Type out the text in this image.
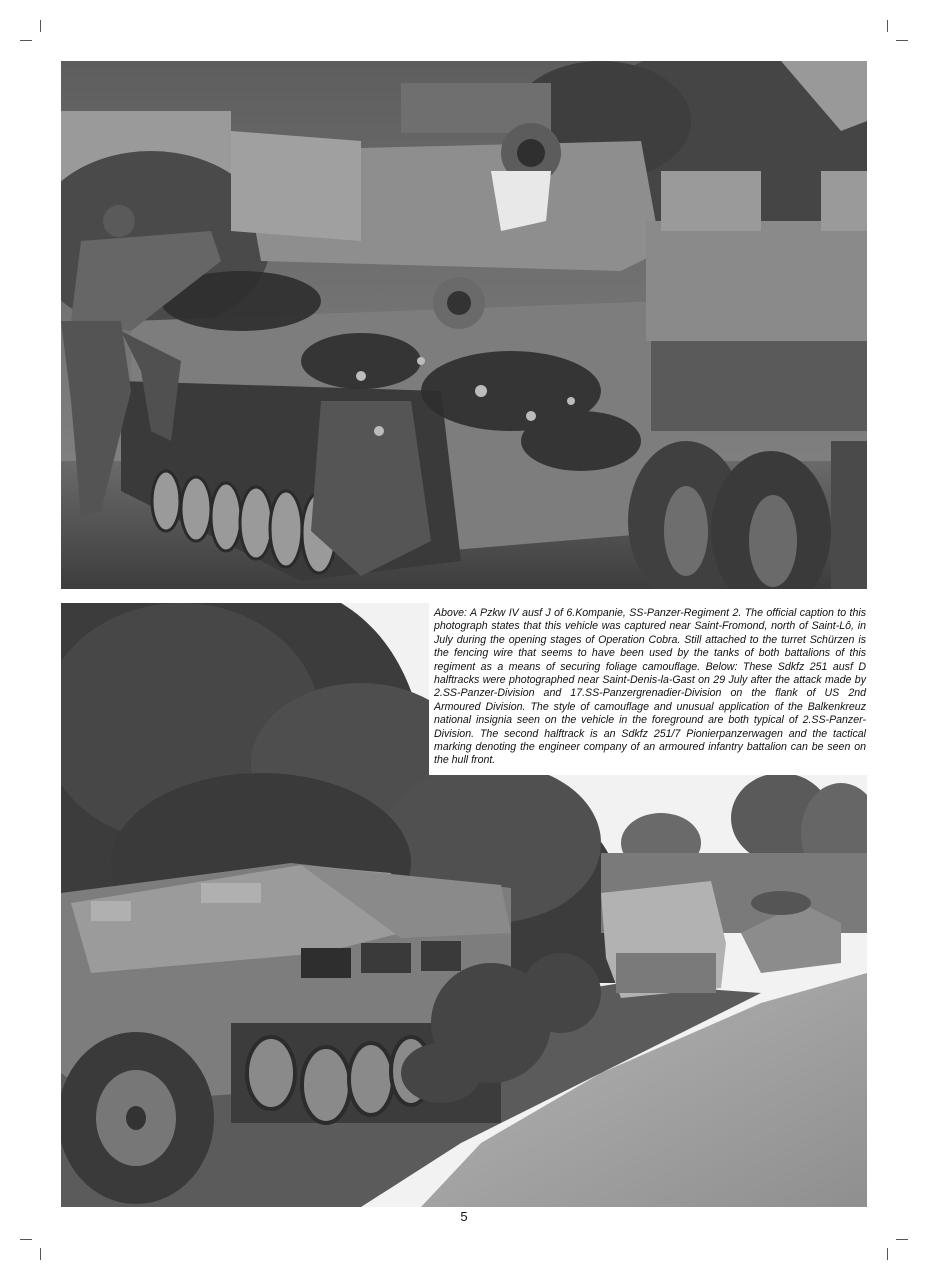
Above: A Pzkw IV ausf J of 6.Kompanie, SS-Panzer-Regiment 2. The official caption to this photograph states that this vehicle was captured near Saint-Fromond, north of Saint-Lô, in July during the opening stages of Operation Cobra. Still attached to the turret Schürzen is the fencing wire that seems to have been used by the tanks of both battalions of this regiment as a means of securing foliage camouflage. Below: These Sdkfz 251 ausf D halftracks were photographed near Saint-Denis-la-Gast on 29 July after the attack made by 2.SS-Panzer-Division and 17.SS-Panzergrenadier-Division on the flank of US 2nd Armoured Division. The style of camouflage and unusual application of the Balkenkreuz national insignia seen on the vehicle in the foreground are both typical of 2.SS-Panzer-Division. The second halftrack is an Sdkfz 251/7 Pionierpanzerwagen and the tactical marking denoting the engineer company of an armoured infantry battalion can be seen on the hull front.

5
